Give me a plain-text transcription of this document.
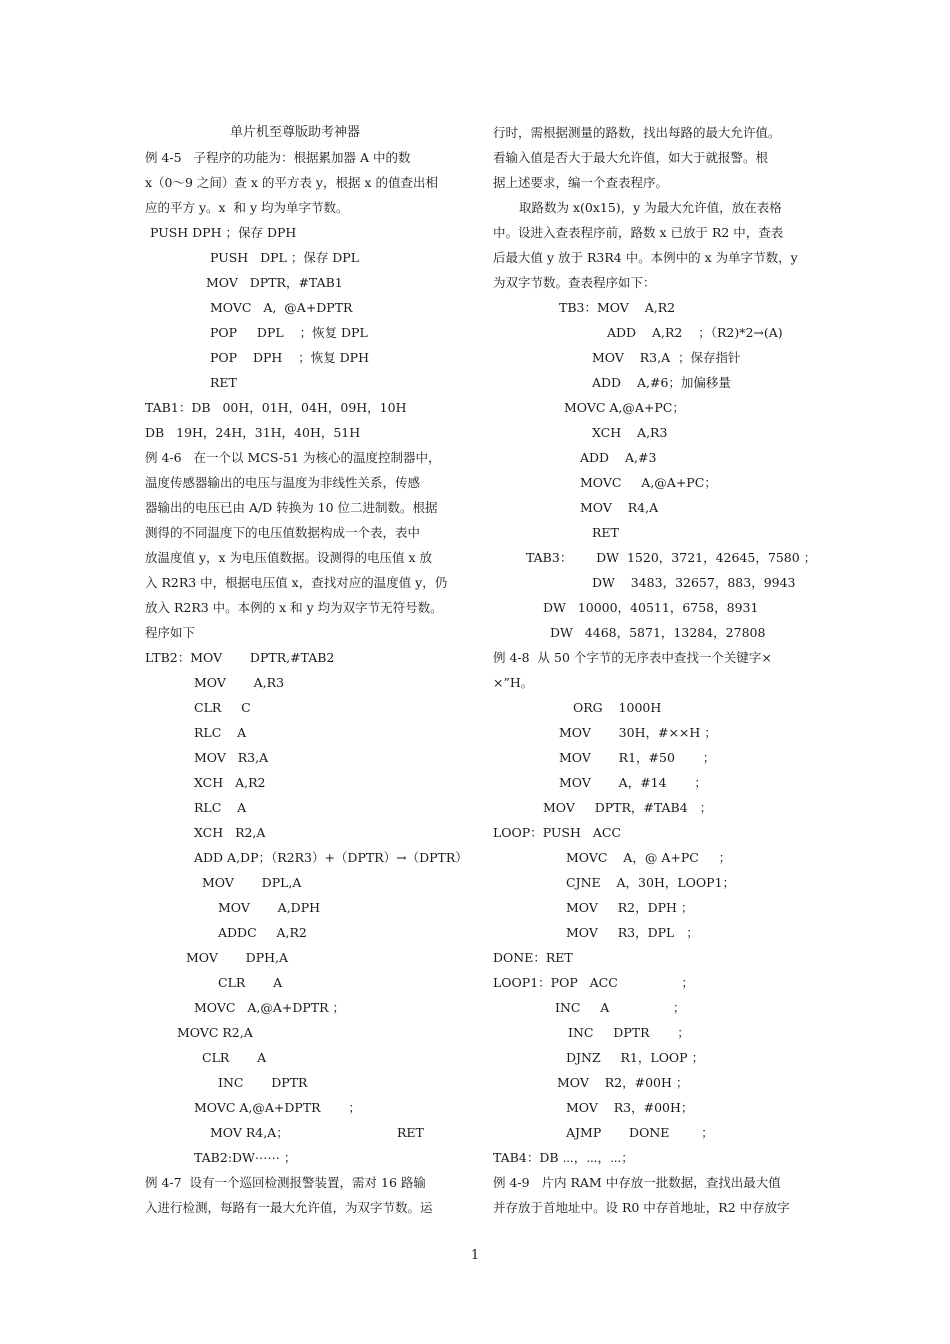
单片机至尊版助考神器
例 4-5   子程序的功能为：根据累加器 A 中的数
x（0～9 之间）查 x 的平方表 y，根据 x 的值查出相
应的平方 y。x  和 y 均为单字节数。
PUSH DPH ；保存 DPH
PUSH   DPL ；保存 DPL
MOV   DPTR，#TAB1
MOVC   A,  @A+DPTR
POP     DPL    ；恢复 DPL
POP    DPH    ；恢复 DPH
RET
TAB1：DB   00H，01H，04H，09H，10H
DB   19H，24H，31H，40H，51H
例 4-6   在一个以 MCS-51 为核心的温度控制器中，
温度传感器输出的电压与温度为非线性关系，传感
器输出的电压已由 A/D 转换为 10 位二进制数。根据
测得的不同温度下的电压值数据构成一个表，表中
放温度值 y，x 为电压值数据。设测得的电压值 x 放
入 R2R3 中，根据电压值 x，查找对应的温度值 y，仍
放入 R2R3 中。本例的 x 和 y 均为双字节无符号数。
程序如下
LTB2：MOV       DPTR,#TAB2
MOV       A,R3
CLR     C
RLC    A
MOV   R3,A
XCH   A,R2
RLC    A
XCH   R2,A
ADD A,DP；（R2R3）+（DPTR）→（DPTR）
MOV       DPL,A
MOV       A,DPH
ADDC     A,R2
MOV       DPH,A
CLR       A
MOVC   A,@A+DPTR ；
MOVC R2,A
CLR       A
INC       DPTR
MOVC A,@A+DPTR       ；
MOV R4,A；	RET
TAB2:DW⋯⋯ ；
例 4-7  设有一个巡回检测报警装置，需对 16 路输
入进行检测，每路有一最大允许值，为双字节数。运
行时，需根据测量的路数，找出每路的最大允许值。
看输入值是否大于最大允许值，如大于就报警。根
据上述要求，编一个查表程序。
取路数为 x(0x15)，y 为最大允许值，放在表格
中。设进入查表程序前，路数 x 已放于 R2 中，查表
后最大值 y 放于 R3R4 中。本例中的 x 为单字节数，y
为双字节数。查表程序如下：
TB3：MOV    A,R2
ADD    A,R2    ；（R2)*2→(A)
MOV    R3,A  ；保存指针
ADD    A,#6；加偏移量
MOVC A,@A+PC；
XCH    A,R3
ADD    A,#3
MOVC     A,@A+PC；
MOV    R4,A
RET
TAB3：      DW  1520，3721，42645，7580 ；
DW    3483，32657，883，9943
DW   10000，40511，6758，8931
DW   4468，5871，13284，27808
例 4-8  从 50 个字节的无序表中查找一个关键字×
×”H。
ORG    1000H
MOV       30H，#××H ；
MOV       R1，#50       ；
MOV       A，#14       ；
MOV     DPTR，#TAB4   ；
LOOP：PUSH   ACC
MOVC    A，@ A+PC     ；
CJNE    A，30H，LOOP1；
MOV     R2，DPH ；
MOV     R3，DPL   ；
DONE：RET
LOOP1：POP   ACC                ；
INC     A                ；
INC     DPTR       ；
DJNZ     R1，LOOP ；
MOV    R2，#00H ；
MOV    R3，#00H；
AJMP       DONE        ；
TAB4：DB ⋯，⋯，⋯；
例 4-9   片内 RAM 中存放一批数据，查找出最大值
并存放于首地址中。设 R0 中存首地址，R2 中存放字
1
